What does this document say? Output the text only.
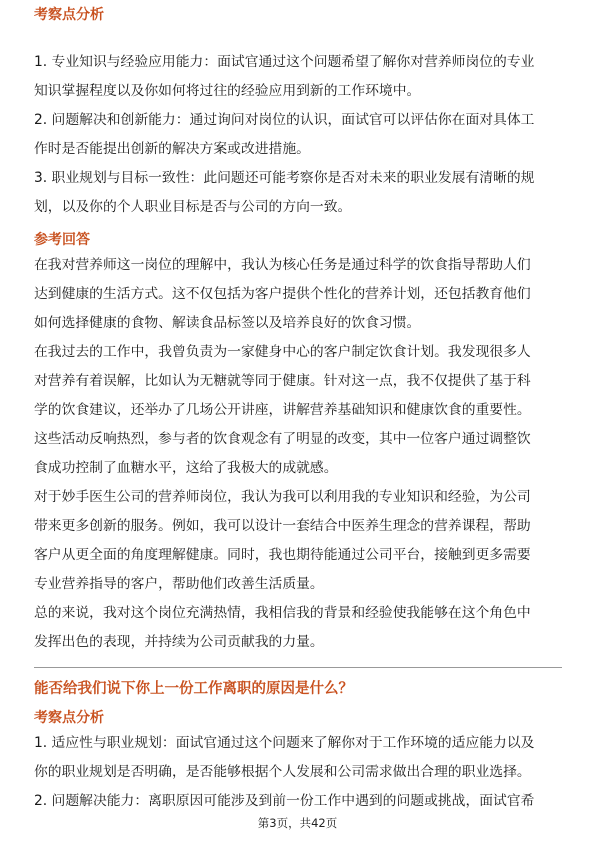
考察点分析
1. 专业知识与经验应用能力：面试官通过这个问题希望了解你对营养师岗位的专业
知识掌握程度以及你如何将过往的经验应用到新的工作环境中。
2. 问题解决和创新能力：通过询问对岗位的认识，面试官可以评估你在面对具体工
作时是否能提出创新的解决方案或改进措施。
3. 职业规划与目标一致性：此问题还可能考察你是否对未来的职业发展有清晰的规
划，以及你的个人职业目标是否与公司的方向一致。
参考回答
在我对营养师这一岗位的理解中，我认为核心任务是通过科学的饮食指导帮助人们
达到健康的生活方式。这不仅包括为客户提供个性化的营养计划，还包括教育他们
如何选择健康的食物、解读食品标签以及培养良好的饮食习惯。
在我过去的工作中，我曾负责为一家健身中心的客户制定饮食计划。我发现很多人
对营养有着误解，比如认为无糖就等同于健康。针对这一点，我不仅提供了基于科
学的饮食建议，还举办了几场公开讲座，讲解营养基础知识和健康饮食的重要性。
这些活动反响热烈，参与者的饮食观念有了明显的改变，其中一位客户通过调整饮
食成功控制了血糖水平，这给了我极大的成就感。
对于妙手医生公司的营养师岗位，我认为我可以利用我的专业知识和经验，为公司
带来更多创新的服务。例如，我可以设计一套结合中医养生理念的营养课程，帮助
客户从更全面的角度理解健康。同时，我也期待能通过公司平台，接触到更多需要
专业营养指导的客户，帮助他们改善生活质量。
总的来说，我对这个岗位充满热情，我相信我的背景和经验使我能够在这个角色中
发挥出色的表现，并持续为公司贡献我的力量。
能否给我们说下你上一份工作离职的原因是什么？
考察点分析
1. 适应性与职业规划：面试官通过这个问题来了解你对于工作环境的适应能力以及
你的职业规划是否明确，是否能够根据个人发展和公司需求做出合理的职业选择。
2. 问题解决能力：离职原因可能涉及到前一份工作中遇到的问题或挑战，面试官希
第3页，共42页
